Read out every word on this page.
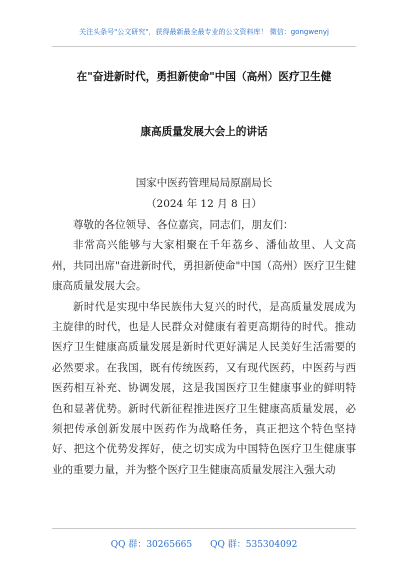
关注头条号"公文研究"，获得最新最全最专业的公文资料库！ 微信：gongwenyj
在"奋进新时代，勇担新使命"中国（高州）医疗卫生健
康高质量发展大会上的讲话
国家中医药管理局局原副局长
（2024 年 12 月 8 日）

尊敬的各位领导、各位嘉宾，同志们，朋友们：

非常高兴能够与大家相聚在千年荔乡、潘仙故里、人文高州，共同出席"奋进新时代，勇担新使命"中国（高州）医疗卫生健康高质量发展大会。

新时代是实现中华民族伟大复兴的时代，是高质量发展成为主旋律的时代，也是人民群众对健康有着更高期待的时代。推动医疗卫生健康高质量发展是新时代更好满足人民美好生活需要的必然要求。在我国，既有传统医药，又有现代医药，中医药与西医药相互补充、协调发展，这是我国医疗卫生健康事业的鲜明特色和显著优势。新时代新征程推进医疗卫生健康高质量发展，必须把传承创新发展中医药作为战略任务，真正把这个特色坚持好、把这个优势发挥好，使之切实成为中国特色医疗卫生健康事业的重要力量，并为整个医疗卫生健康高质量发展注入强大动

QQ 群：30265665 QQ 群：535304092
